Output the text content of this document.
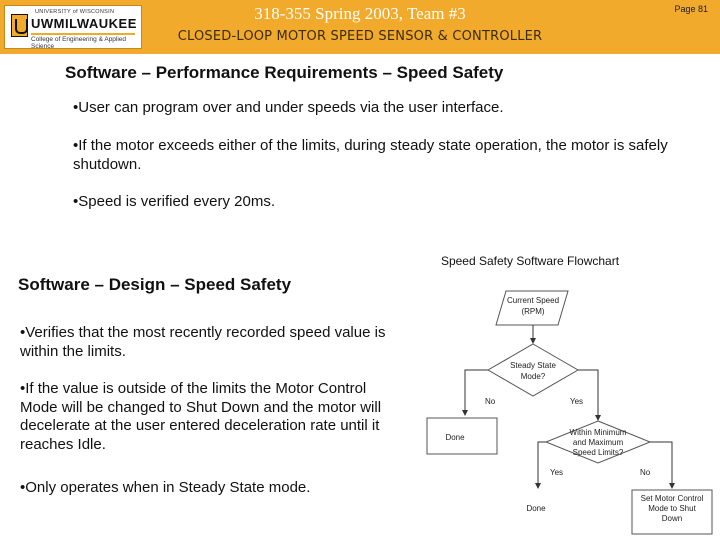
UNIVERSITY of WISCONSIN
UWMILWAUKEE
College of Engineering & Applied Science
318-355 Spring 2003, Team #3
CLOSED-LOOP MOTOR SPEED SENSOR & CONTROLLER
Page 81
Software – Performance Requirements – Speed Safety
•User can program over and under speeds via the user interface.
•If the motor exceeds either of the limits, during steady state operation, the motor is safely shutdown.
•Speed is verified every 20ms.
Software – Design – Speed Safety
•Verifies that the most recently recorded speed value is within the limits.
•If the value is outside of the limits the Motor Control Mode will be changed to Shut Down and the motor will decelerate at the user entered deceleration rate until it reaches Idle.
•Only operates when in Steady State mode.
Speed Safety Software Flowchart
Current Speed
(RPM)
Steady State
Mode?
No	Yes
Done
Within Minimum
and Maximum
Speed Limits?
Yes	No
Done
Set Motor Control
Mode to Shut
Down
